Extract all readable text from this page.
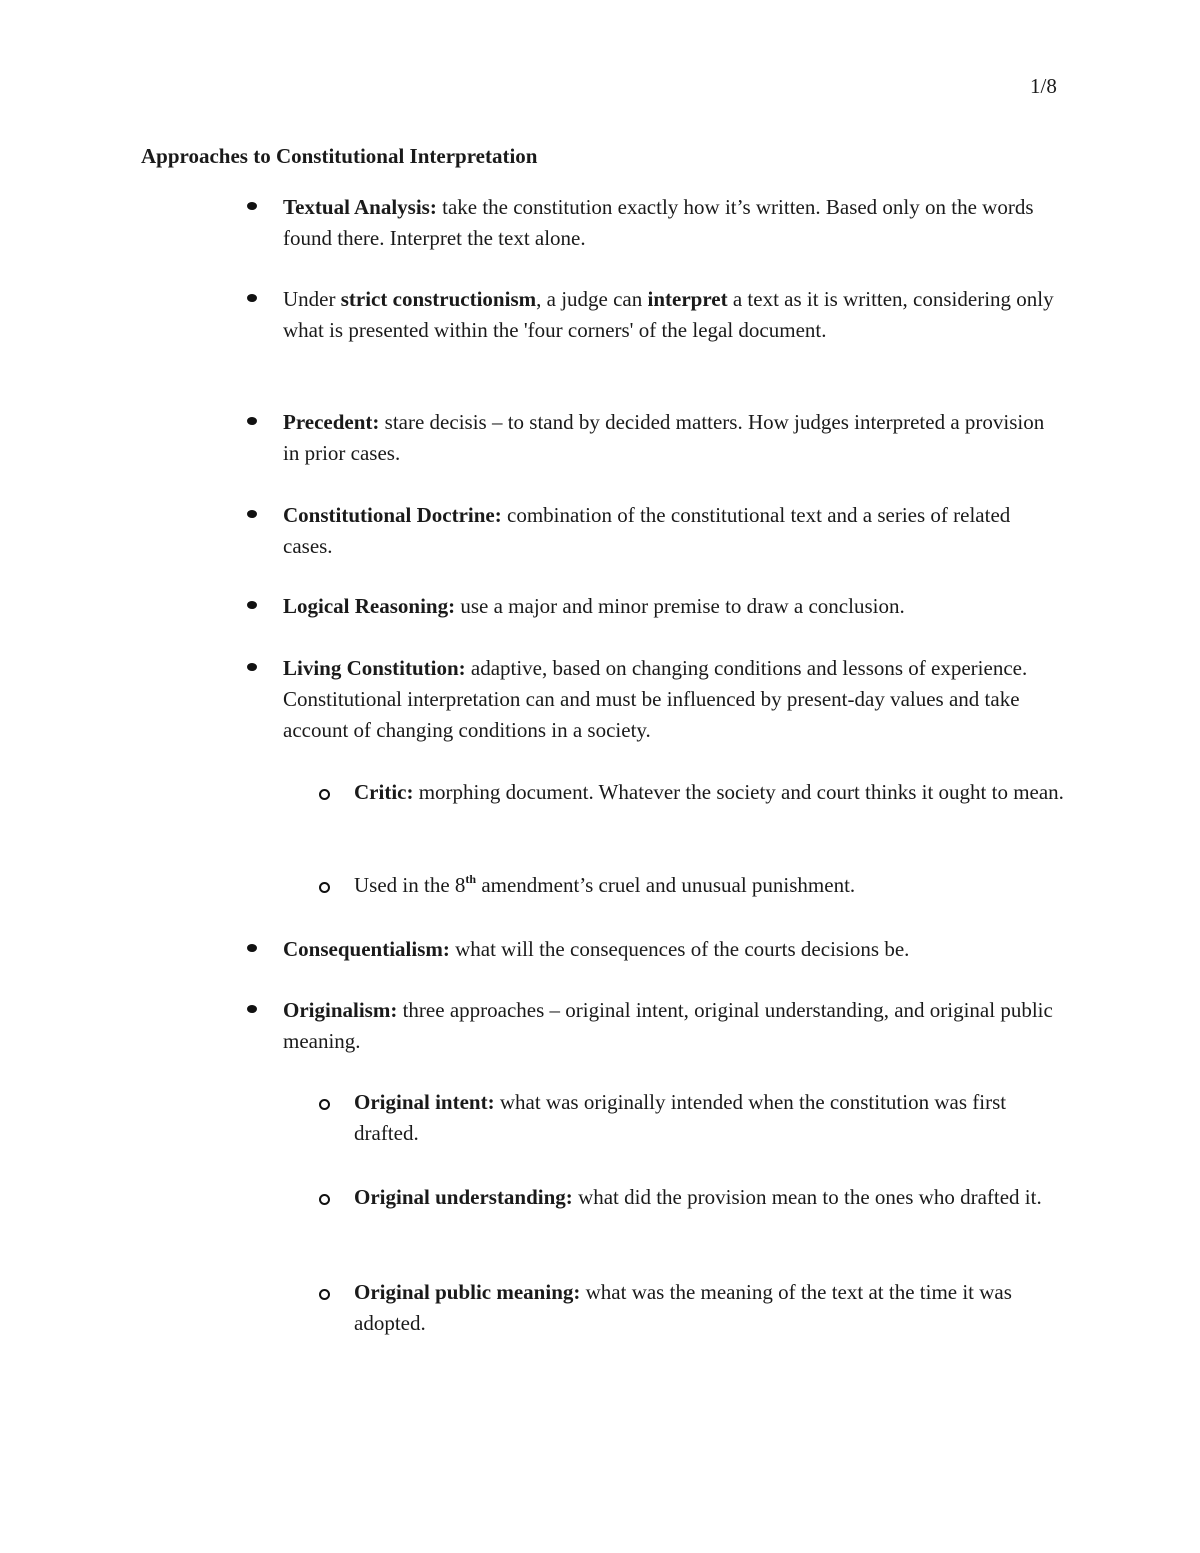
1/8
Approaches to Constitutional Interpretation
Textual Analysis: take the constitution exactly how it’s written. Based only on the words found there. Interpret the text alone.
Under strict constructionism, a judge can interpret a text as it is written, considering only what is presented within the 'four corners' of the legal document.
Precedent: stare decisis – to stand by decided matters. How judges interpreted a provision in prior cases.
Constitutional Doctrine: combination of the constitutional text and a series of related cases.
Logical Reasoning: use a major and minor premise to draw a conclusion.
Living Constitution: adaptive, based on changing conditions and lessons of experience. Constitutional interpretation can and must be influenced by present-day values and take account of changing conditions in a society.
Critic: morphing document. Whatever the society and court thinks it ought to mean.
Used in the 8th amendment’s cruel and unusual punishment.
Consequentialism: what will the consequences of the courts decisions be.
Originalism: three approaches – original intent, original understanding, and original public meaning.
Original intent: what was originally intended when the constitution was first drafted.
Original understanding: what did the provision mean to the ones who drafted it.
Original public meaning: what was the meaning of the text at the time it was adopted.
